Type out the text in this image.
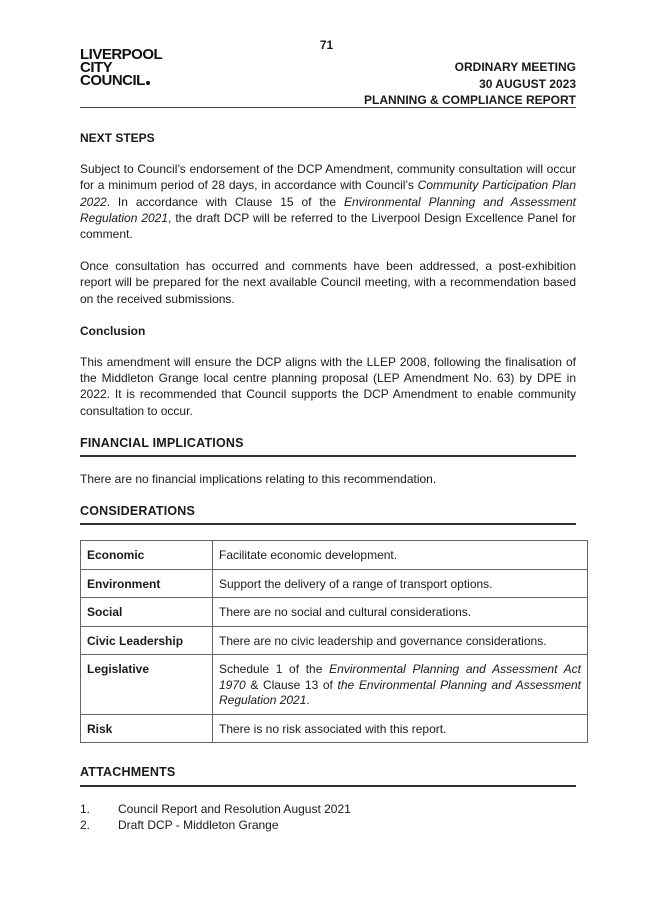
71
LIVERPOOL
CITY
COUNCIL
ORDINARY MEETING
30 AUGUST 2023
PLANNING & COMPLIANCE REPORT
NEXT STEPS

Subject to Council’s endorsement of the DCP Amendment, community consultation will occur for a minimum period of 28 days, in accordance with Council’s Community Participation Plan 2022. In accordance with Clause 15 of the Environmental Planning and Assessment Regulation 2021, the draft DCP will be referred to the Liverpool Design Excellence Panel for comment.

Once consultation has occurred and comments have been addressed, a post-exhibition report will be prepared for the next available Council meeting, with a recommendation based on the received submissions.

Conclusion

This amendment will ensure the DCP aligns with the LLEP 2008, following the finalisation of the Middleton Grange local centre planning proposal (LEP Amendment No. 63) by DPE in 2022. It is recommended that Council supports the DCP Amendment to enable community consultation to occur.

FINANCIAL IMPLICATIONS

There are no financial implications relating to this recommendation.

CONSIDERATIONS
Economic	Facilitate economic development.
Environment	Support the delivery of a range of transport options.
Social	There are no social and cultural considerations.
Civic Leadership	There are no civic leadership and governance considerations.
Legislative	Schedule 1 of the Environmental Planning and Assessment Act 1970 & Clause 13 of the Environmental Planning and Assessment Regulation 2021.
Risk	There is no risk associated with this report.
ATTACHMENTS
1.	Council Report and Resolution August 2021
2.	Draft DCP - Middleton Grange
